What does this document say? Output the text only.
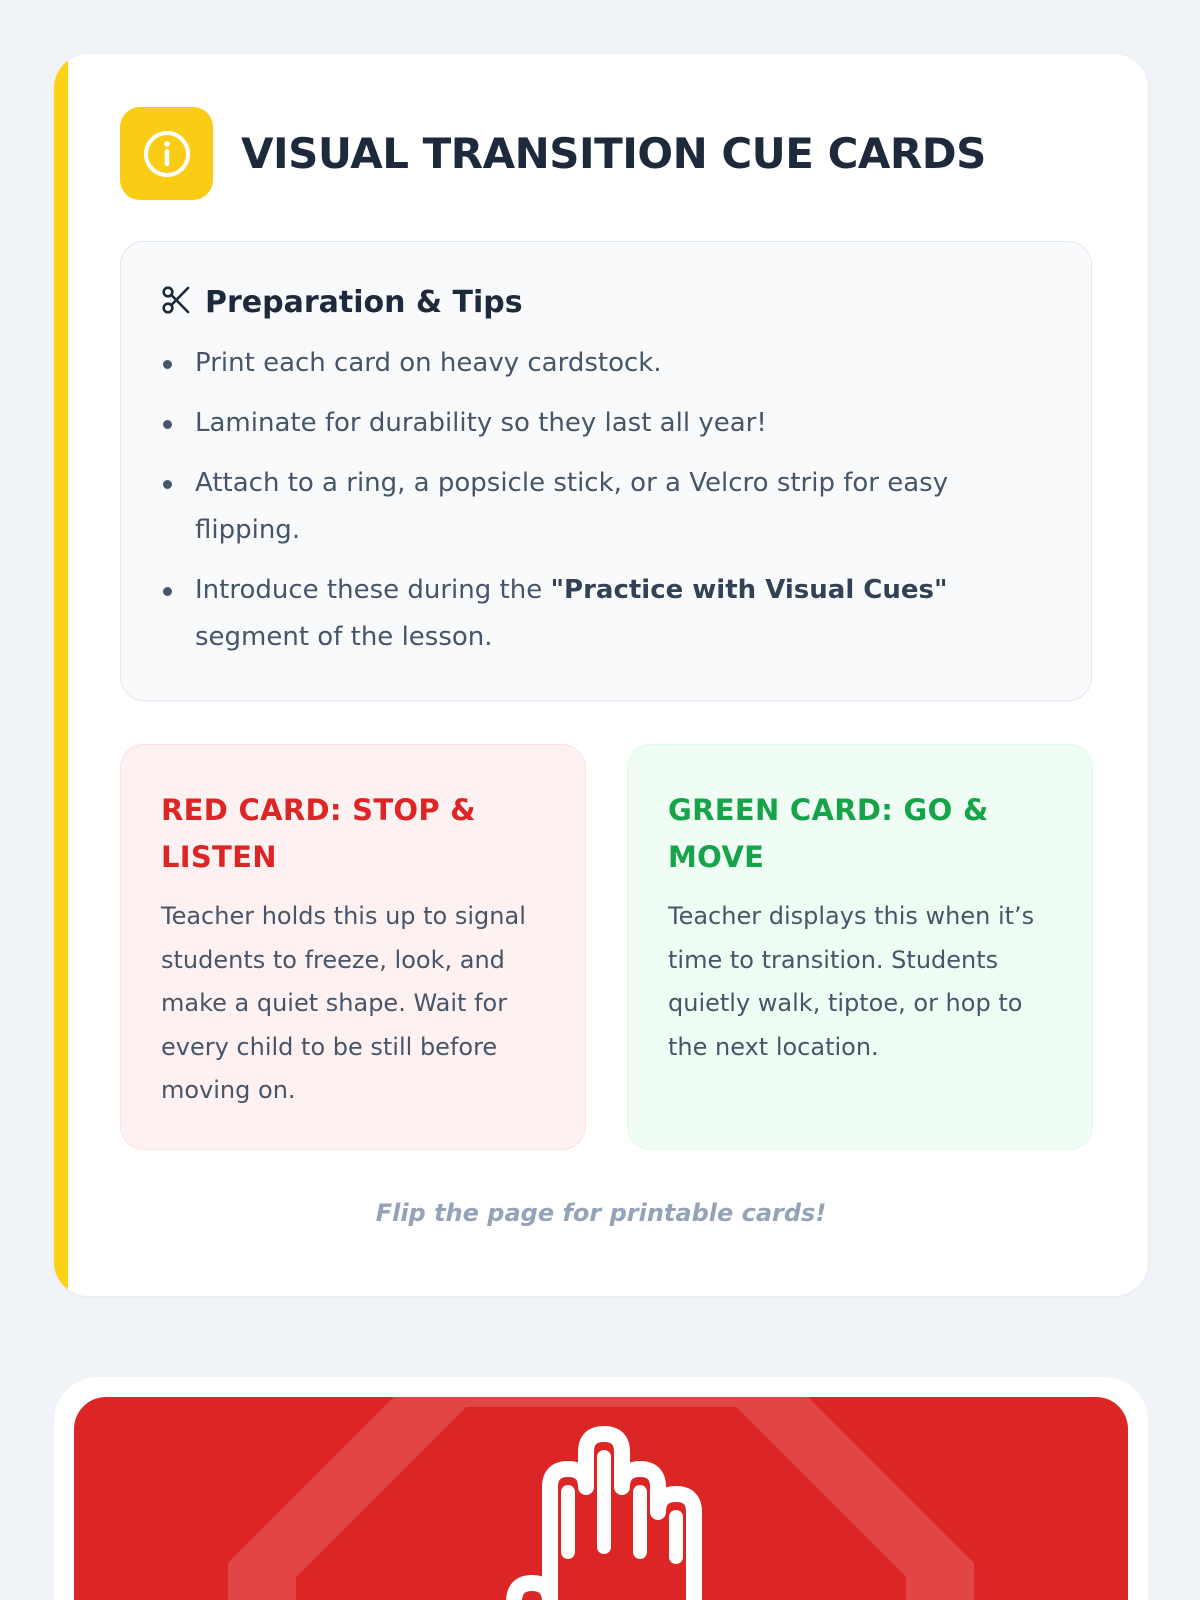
VISUAL TRANSITION CUE CARDS
Preparation & Tips
Print each card on heavy cardstock.
Laminate for durability so they last all year!
Attach to a ring, a popsicle stick, or a Velcro strip for easy flipping.
Introduce these during the "Practice with Visual Cues" segment of the lesson.
RED CARD: STOP & LISTEN

Teacher holds this up to signal students to freeze, look, and make a quiet shape. Wait for every child to be still before moving on.

GREEN CARD: GO & MOVE

Teacher displays this when it’s time to transition. Students quietly walk, tiptoe, or hop to the next location.

Flip the page for printable cards!
